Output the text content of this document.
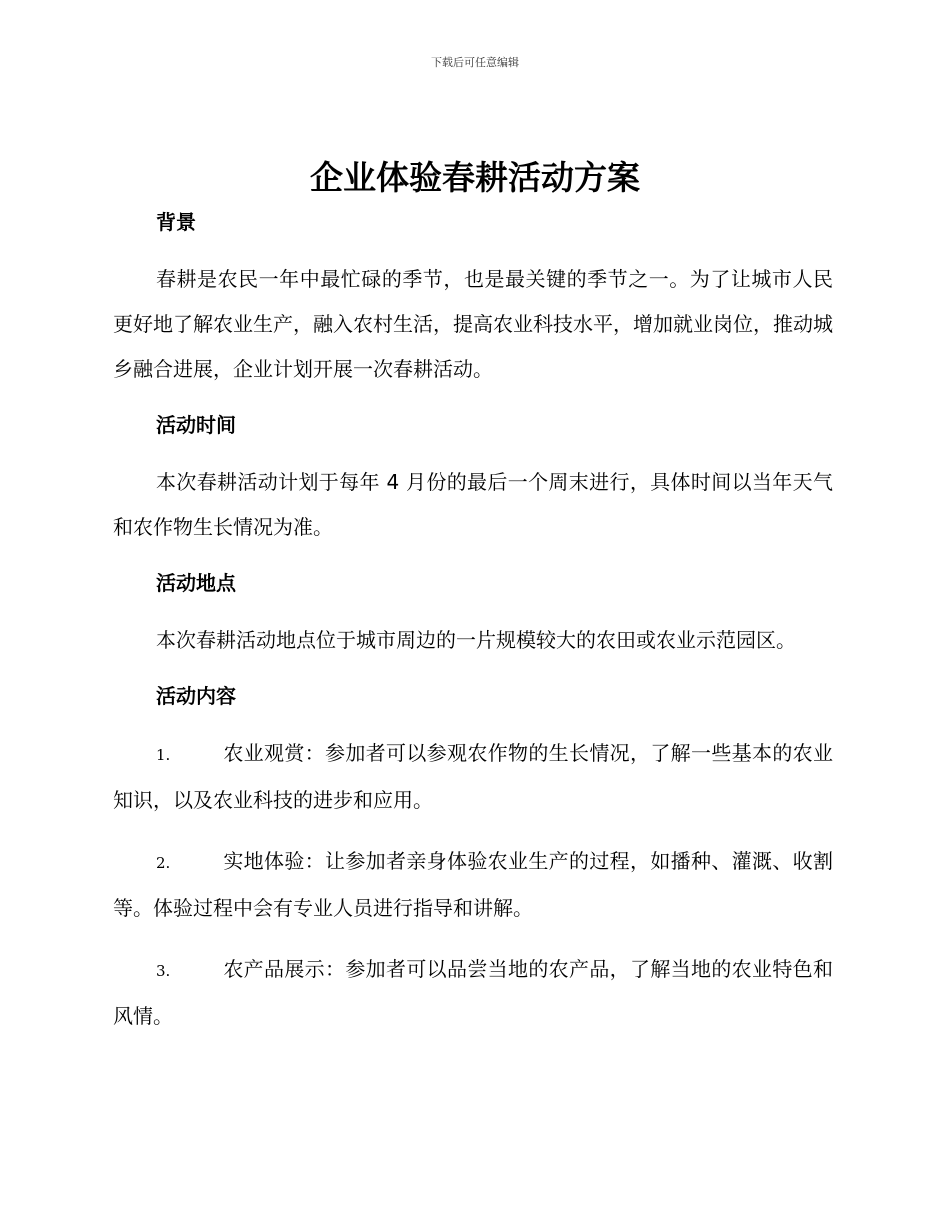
下载后可任意编辑
企业体验春耕活动方案
背景

春耕是农民一年中最忙碌的季节，也是最关键的季节之一。为了让城市人民更好地了解农业生产，融入农村生活，提高农业科技水平，增加就业岗位，推动城乡融合进展，企业计划开展一次春耕活动。

活动时间

本次春耕活动计划于每年 4 月份的最后一个周末进行，具体时间以当年天气和农作物生长情况为准。

活动地点

本次春耕活动地点位于城市周边的一片规模较大的农田或农业示范园区。

活动内容

1.	农业观赏：参加者可以参观农作物的生长情况，了解一些基本的农业知识，以及农业科技的进步和应用。

2.	实地体验：让参加者亲身体验农业生产的过程，如播种、灌溉、收割等。体验过程中会有专业人员进行指导和讲解。

3.	农产品展示：参加者可以品尝当地的农产品，了解当地的农业特色和风情。
